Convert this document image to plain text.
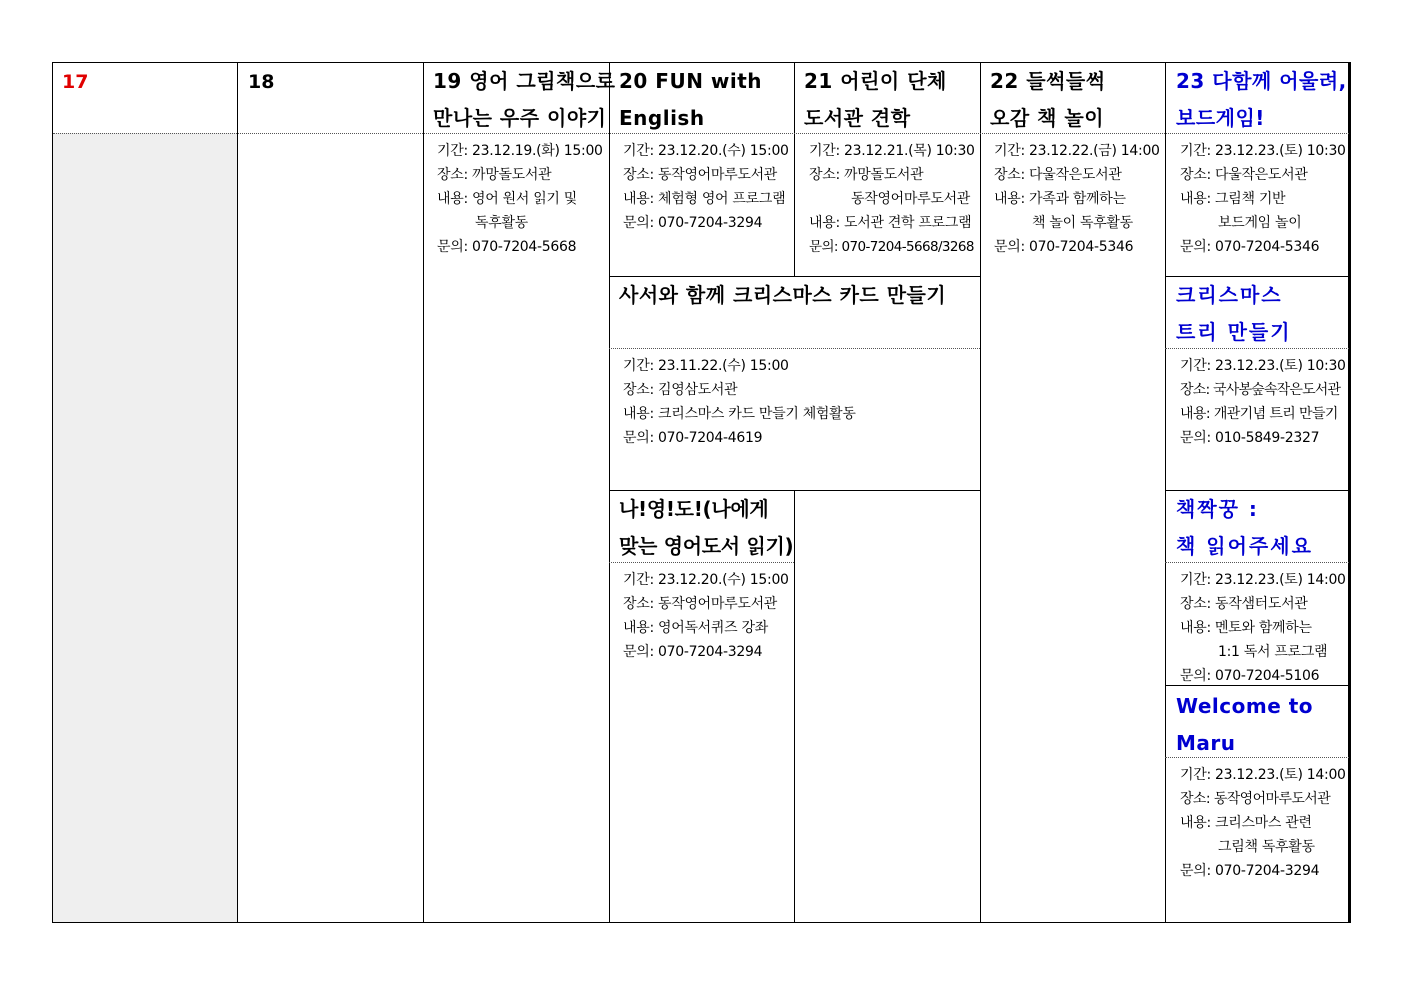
17	18	19 영어 그림책으로
만나는 우주 이야기
기간: 23.12.19.(화) 15:00
장소: 까망돌도서관
내용: 영어 원서 읽기 및
독후활동
문의: 070-7204-5668
20 FUN with
English
기간: 23.12.20.(수) 15:00
장소: 동작영어마루도서관
내용: 체험형 영어 프로그램
문의: 070-7204-3294
21 어린이 단체
도서관 견학
기간: 23.12.21.(목) 10:30
장소: 까망돌도서관
동작영어마루도서관
내용: 도서관 견학 프로그램
문의: 070-7204-5668/3268
22 들썩들썩
오감 책 놀이
기간: 23.12.22.(금) 14:00
장소: 다울작은도서관
내용: 가족과 함께하는
책 놀이 독후활동
문의: 070-7204-5346
23 다함께 어울려,
보드게임!
기간: 23.12.23.(토) 10:30
장소: 다울작은도서관
내용: 그림책 기반
보드게임 놀이
문의: 070-7204-5346
사서와 함께 크리스마스 카드 만들기
기간: 23.11.22.(수) 15:00
장소: 김영삼도서관
내용: 크리스마스 카드 만들기 체험활동
문의: 070-7204-4619
크리스마스
트리 만들기
기간: 23.12.23.(토) 10:30
장소: 국사봉숲속작은도서관
내용: 개관기념 트리 만들기
문의: 010-5849-2327
나!영!도!(나에게
맞는 영어도서 읽기)
기간: 23.12.20.(수) 15:00
장소: 동작영어마루도서관
내용: 영어독서퀴즈 강좌
문의: 070-7204-3294
책짝꿍 :
책 읽어주세요
기간: 23.12.23.(토) 14:00
장소: 동작샘터도서관
내용: 멘토와 함께하는
1:1 독서 프로그램
문의: 070-7204-5106
Welcome to
Maru
기간: 23.12.23.(토) 14:00
장소: 동작영어마루도서관
내용: 크리스마스 관련
그림책 독후활동
문의: 070-7204-3294
